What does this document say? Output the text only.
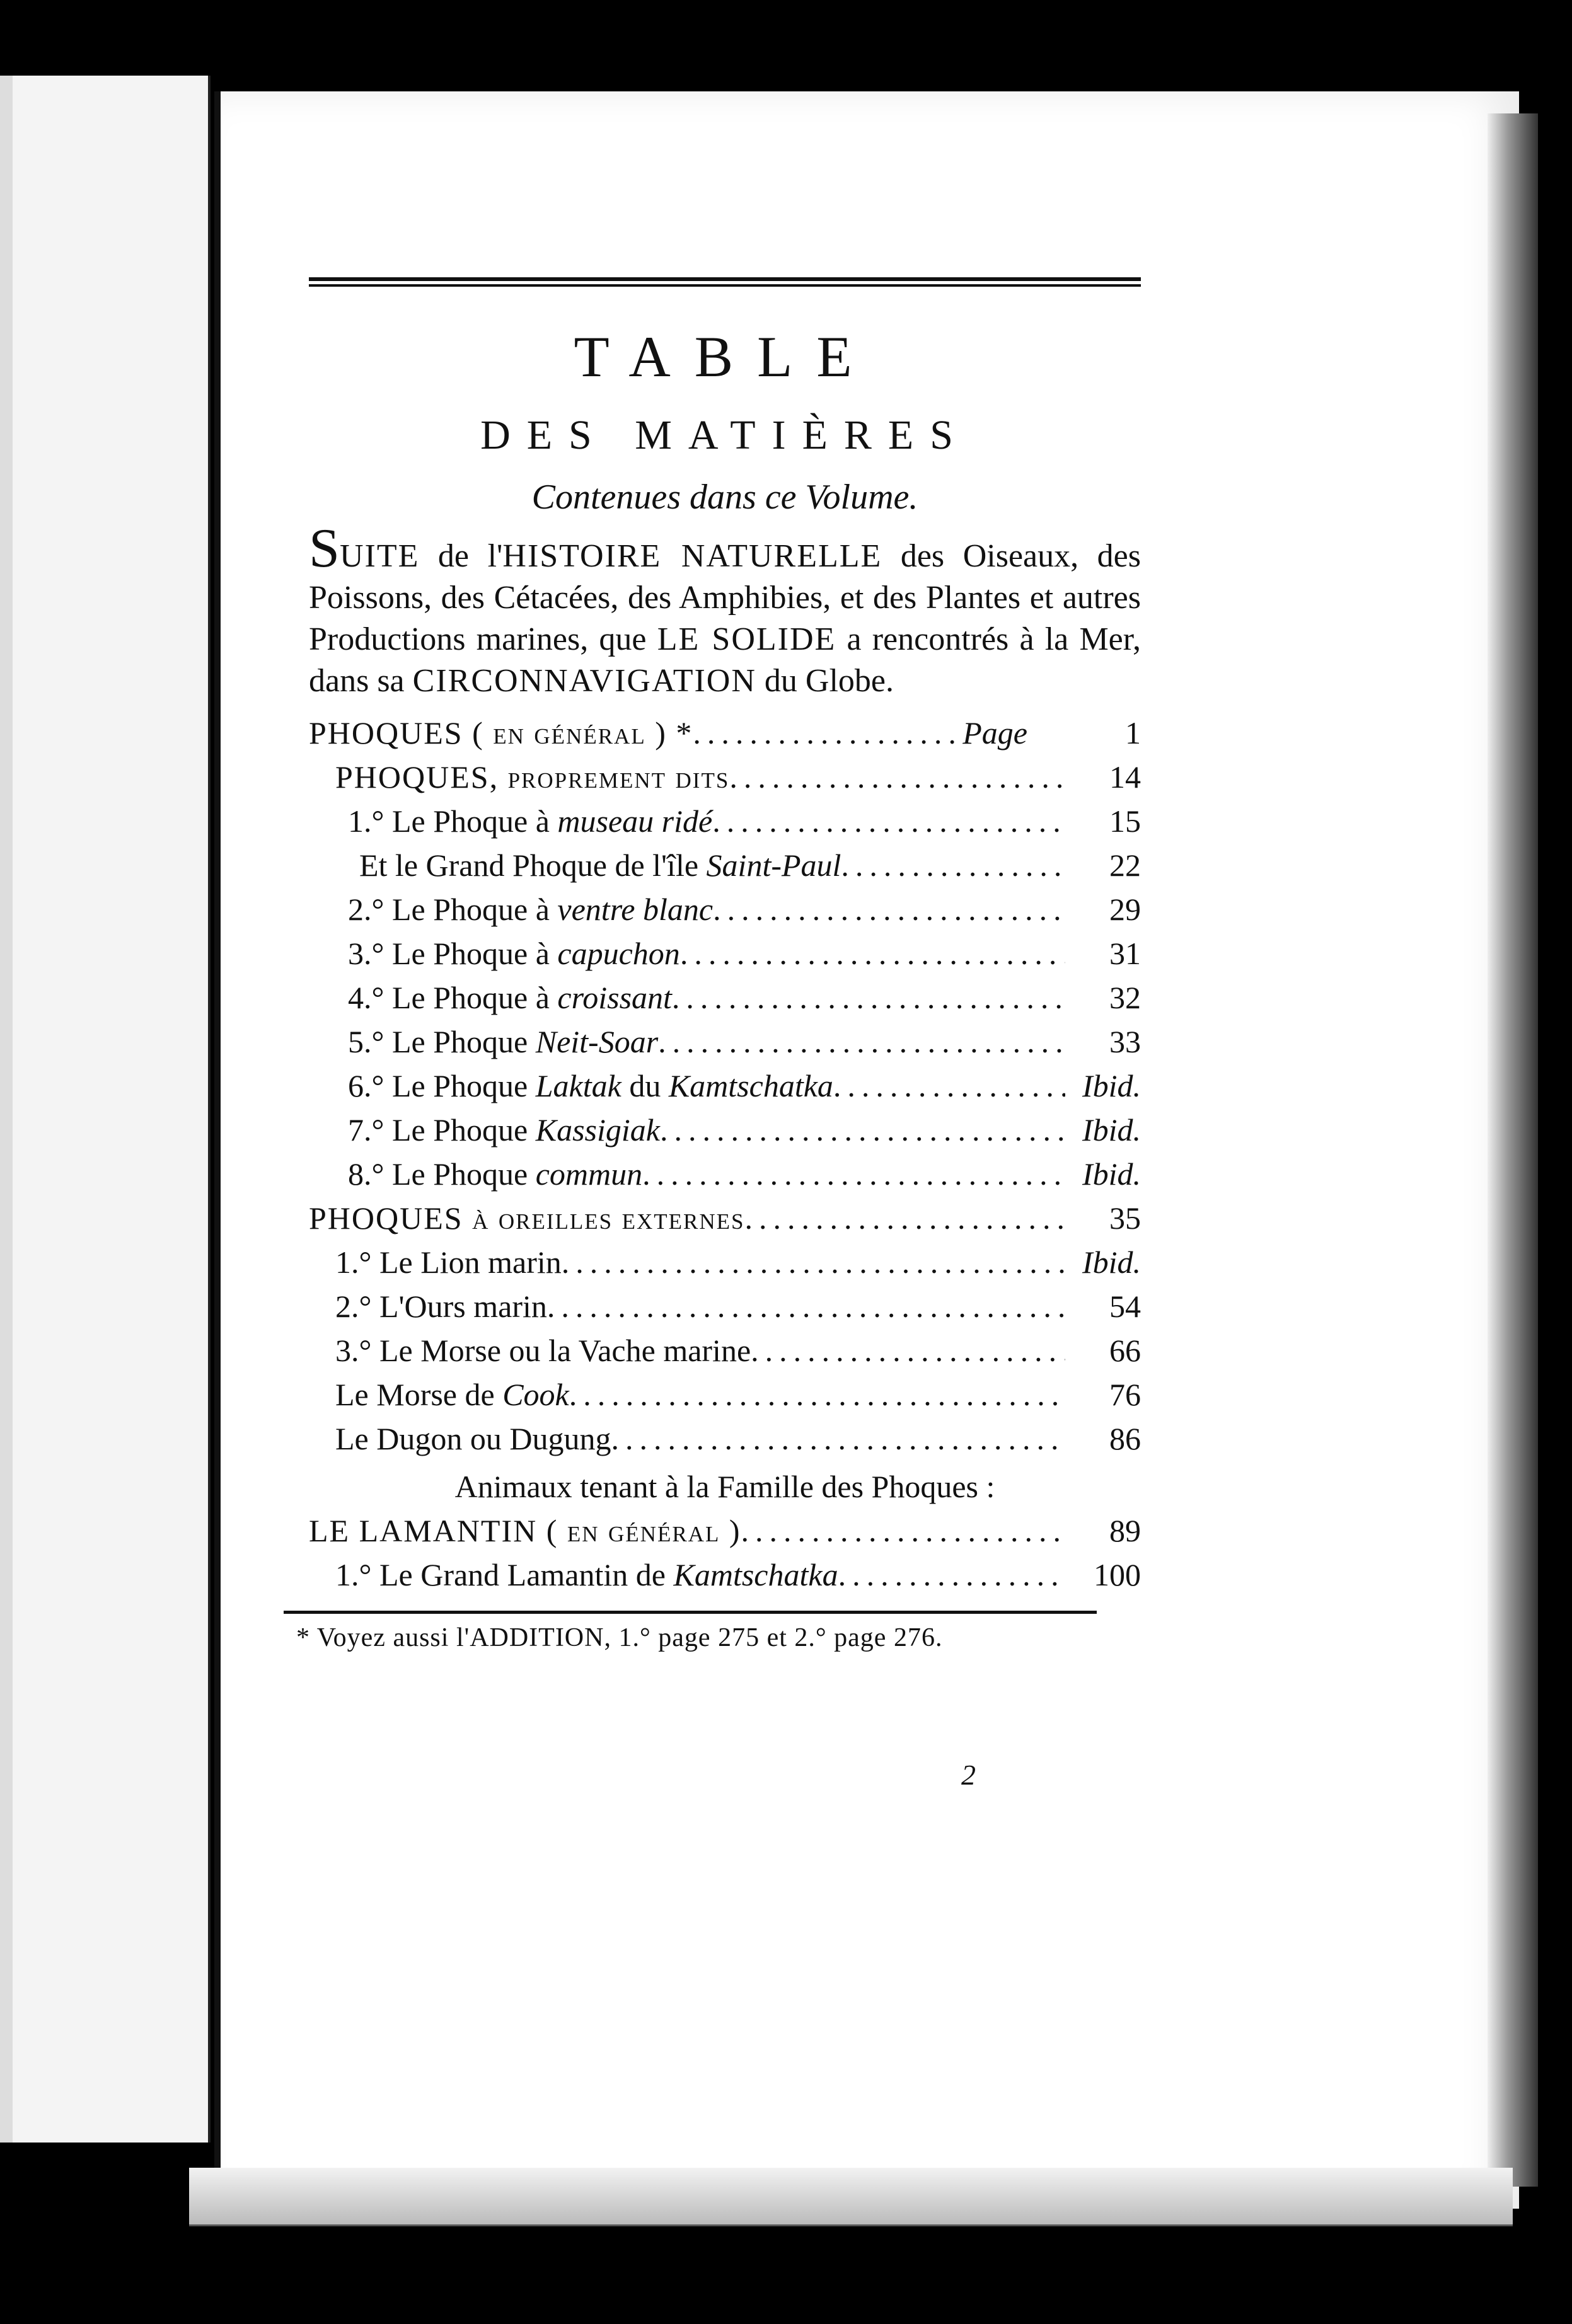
TABLE
DES MATIÈRES
Contenues dans ce Volume.
SUITE de l'HISTOIRE NATURELLE des Oiseaux, des Poissons, des Cétacées, des Amphibies, et des Plantes et autres Productions marines, que LE SOLIDE a rencontrés à la Mer, dans sa CIRCONNAVIGATION du Globe.
PHOQUES ( en général ) * .....	Page	1
PHOQUES, proprement dits .....	14
1.° Le Phoque à museau ridé .....	15
Et le Grand Phoque de l'île Saint-Paul .....	22
2.° Le Phoque à ventre blanc .....	29
3.° Le Phoque à capuchon .....	31
4.° Le Phoque à croissant .....	32
5.° Le Phoque Neit-Soar .....	33
6.° Le Phoque Laktak du Kamtschatka .....	Ibid.
7.° Le Phoque Kassigiak .....	Ibid.
8.° Le Phoque commun .....	Ibid.
PHOQUES à oreilles externes .....	35
1.° Le Lion marin .....	Ibid.
2.° L'Ours marin .....	54
3.° Le Morse ou la Vache marine .....	66
Le Morse de Cook .....	76
Le Dugon ou Dugung .....	86
Animaux tenant à la Famille des Phoques :
LE LAMANTIN ( en général ) .....	89
1.° Le Grand Lamantin de Kamtschatka .....	100
* Voyez aussi l'ADDITION, 1.° page 275 et 2.° page 276.
2
